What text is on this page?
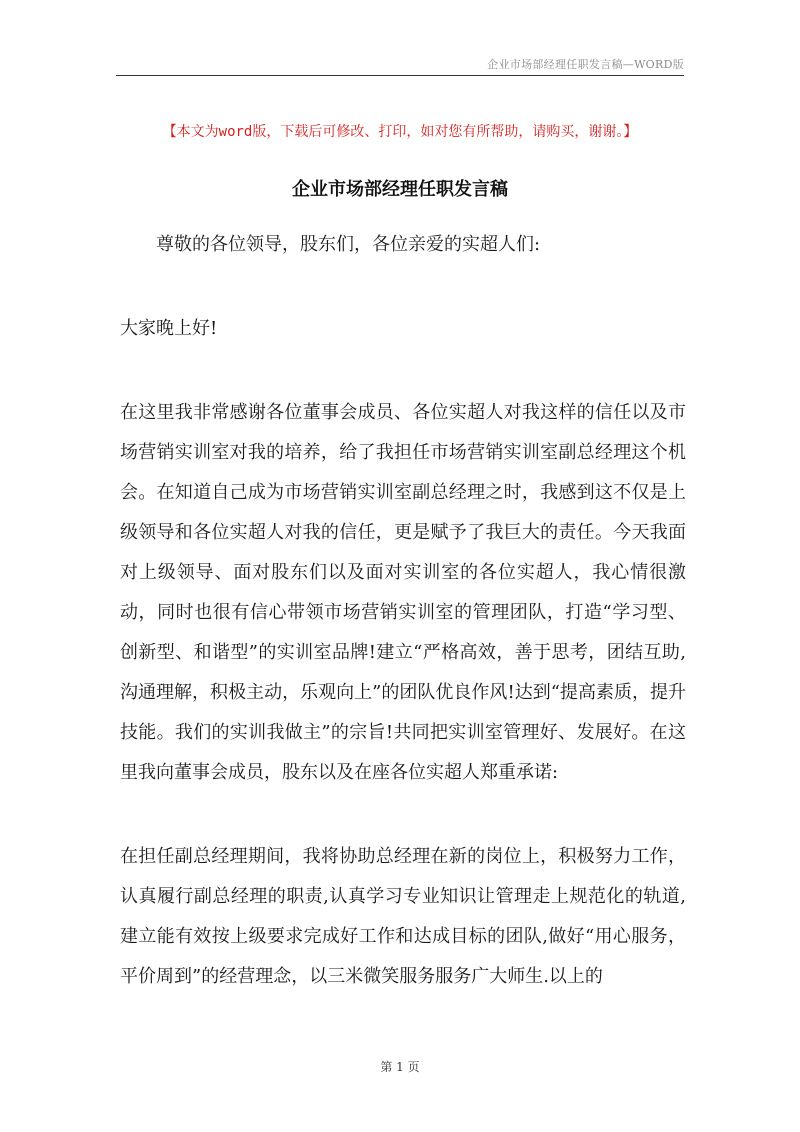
企业市场部经理任职发言稿—WORD版
【本文为word版，下载后可修改、打印，如对您有所帮助，请购买，谢谢。】
企业市场部经理任职发言稿

尊敬的各位领导，股东们，各位亲爱的实超人们:

大家晚上好!

在这里我非常感谢各位董事会成员、各位实超人对我这样的信任以及市场营销实训室对我的培养，给了我担任市场营销实训室副总经理这个机会。在知道自己成为市场营销实训室副总经理之时，我感到这不仅是上级领导和各位实超人对我的信任，更是赋予了我巨大的责任。今天我面对上级领导、面对股东们以及面对实训室的各位实超人，我心情很激动，同时也很有信心带领市场营销实训室的管理团队，打造“学习型、创新型、和谐型”的实训室品牌!建立“严格高效，善于思考，团结互助,沟通理解，积极主动，乐观向上”的团队优良作风!达到“提高素质，提升技能。我们的实训我做主”的宗旨!共同把实训室管理好、发展好。在这里我向董事会成员，股东以及在座各位实超人郑重承诺:

在担任副总经理期间，我将协助总经理在新的岗位上，积极努力工作，认真履行副总经理的职责,认真学习专业知识让管理走上规范化的轨道,建立能有效按上级要求完成好工作和达成目标的团队,做好“用心服务，平价周到”的经营理念，以三米微笑服务服务广大师生.以上的

第 1 页
